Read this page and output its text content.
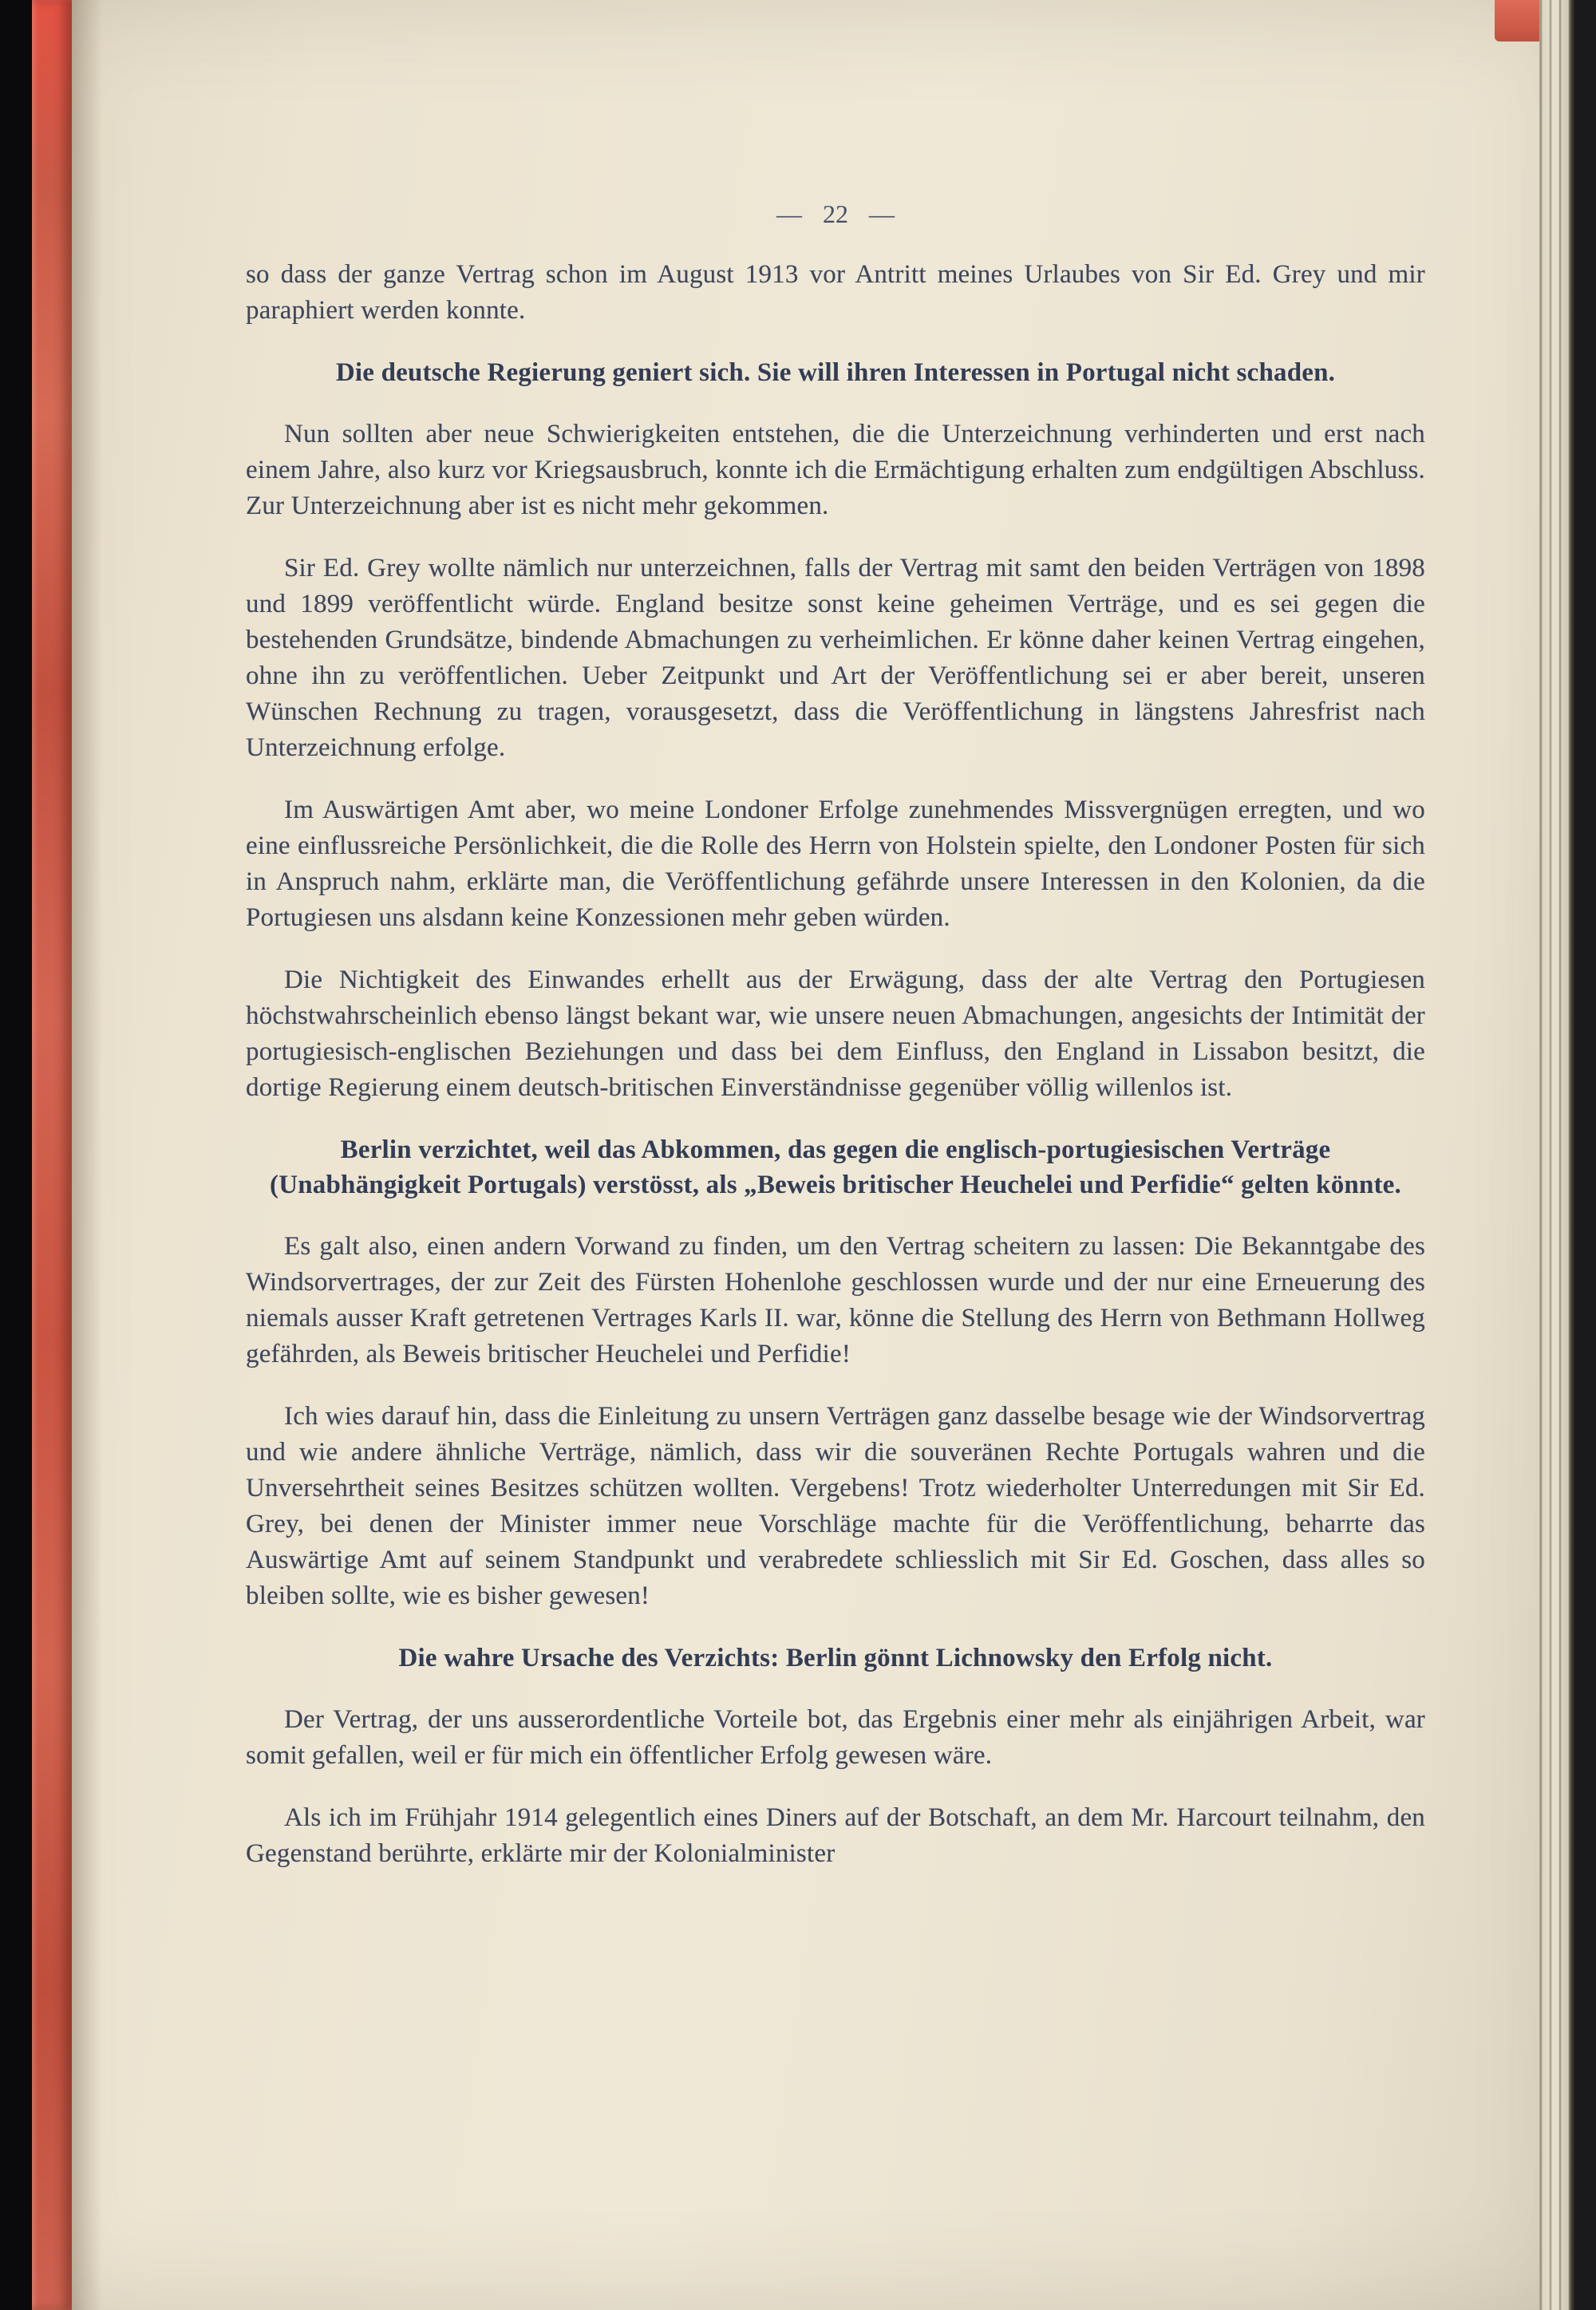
— 22 —

so dass der ganze Vertrag schon im August 1913 vor Antritt meines Urlaubes von Sir Ed. Grey und mir paraphiert werden konnte.

Die deutsche Regierung geniert sich. Sie will ihren Interessen in Portugal nicht schaden.

Nun sollten aber neue Schwierigkeiten entstehen, die die Unterzeichnung verhinderten und erst nach einem Jahre, also kurz vor Kriegsausbruch, konnte ich die Ermächtigung erhalten zum endgültigen Abschluss. Zur Unterzeichnung aber ist es nicht mehr gekommen.

Sir Ed. Grey wollte nämlich nur unterzeichnen, falls der Vertrag mit samt den beiden Verträgen von 1898 und 1899 veröffentlicht würde. England besitze sonst keine geheimen Verträge, und es sei gegen die bestehenden Grundsätze, bindende Abmachungen zu verheimlichen. Er könne daher keinen Vertrag eingehen, ohne ihn zu veröffentlichen. Ueber Zeitpunkt und Art der Veröffentlichung sei er aber bereit, unseren Wünschen Rechnung zu tragen, vorausgesetzt, dass die Veröffentlichung in längstens Jahresfrist nach Unterzeichnung erfolge.

Im Auswärtigen Amt aber, wo meine Londoner Erfolge zunehmendes Missvergnügen erregten, und wo eine einflussreiche Persönlichkeit, die die Rolle des Herrn von Holstein spielte, den Londoner Posten für sich in Anspruch nahm, erklärte man, die Veröffentlichung gefährde unsere Interessen in den Kolonien, da die Portugiesen uns alsdann keine Konzessionen mehr geben würden.

Die Nichtigkeit des Einwandes erhellt aus der Erwägung, dass der alte Vertrag den Portugiesen höchstwahrscheinlich ebenso längst bekant war, wie unsere neuen Abmachungen, angesichts der Intimität der portugiesisch-englischen Beziehungen und dass bei dem Einfluss, den England in Lissabon besitzt, die dortige Regierung einem deutsch-britischen Einverständnisse gegenüber völlig willenlos ist.

Berlin verzichtet, weil das Abkommen, das gegen die englisch-portugiesischen Verträge (Unabhängigkeit Portugals) verstösst, als „Beweis britischer Heuchelei und Perfidie“ gelten könnte.

Es galt also, einen andern Vorwand zu finden, um den Vertrag scheitern zu lassen: Die Bekanntgabe des Windsorvertrages, der zur Zeit des Fürsten Hohenlohe geschlossen wurde und der nur eine Erneuerung des niemals ausser Kraft getretenen Vertrages Karls II. war, könne die Stellung des Herrn von Bethmann Hollweg gefährden, als Beweis britischer Heuchelei und Perfidie!

Ich wies darauf hin, dass die Einleitung zu unsern Verträgen ganz dasselbe besage wie der Windsorvertrag und wie andere ähnliche Verträge, nämlich, dass wir die souveränen Rechte Portugals wahren und die Unversehrtheit seines Besitzes schützen wollten. Vergebens! Trotz wiederholter Unterredungen mit Sir Ed. Grey, bei denen der Minister immer neue Vorschläge machte für die Veröffentlichung, beharrte das Auswärtige Amt auf seinem Standpunkt und verabredete schliesslich mit Sir Ed. Goschen, dass alles so bleiben sollte, wie es bisher gewesen!

Die wahre Ursache des Verzichts: Berlin gönnt Lichnowsky den Erfolg nicht.

Der Vertrag, der uns ausserordentliche Vorteile bot, das Ergebnis einer mehr als einjährigen Arbeit, war somit gefallen, weil er für mich ein öffentlicher Erfolg gewesen wäre.

Als ich im Frühjahr 1914 gelegentlich eines Diners auf der Botschaft, an dem Mr. Harcourt teilnahm, den Gegenstand berührte, erklärte mir der Kolonialminister
